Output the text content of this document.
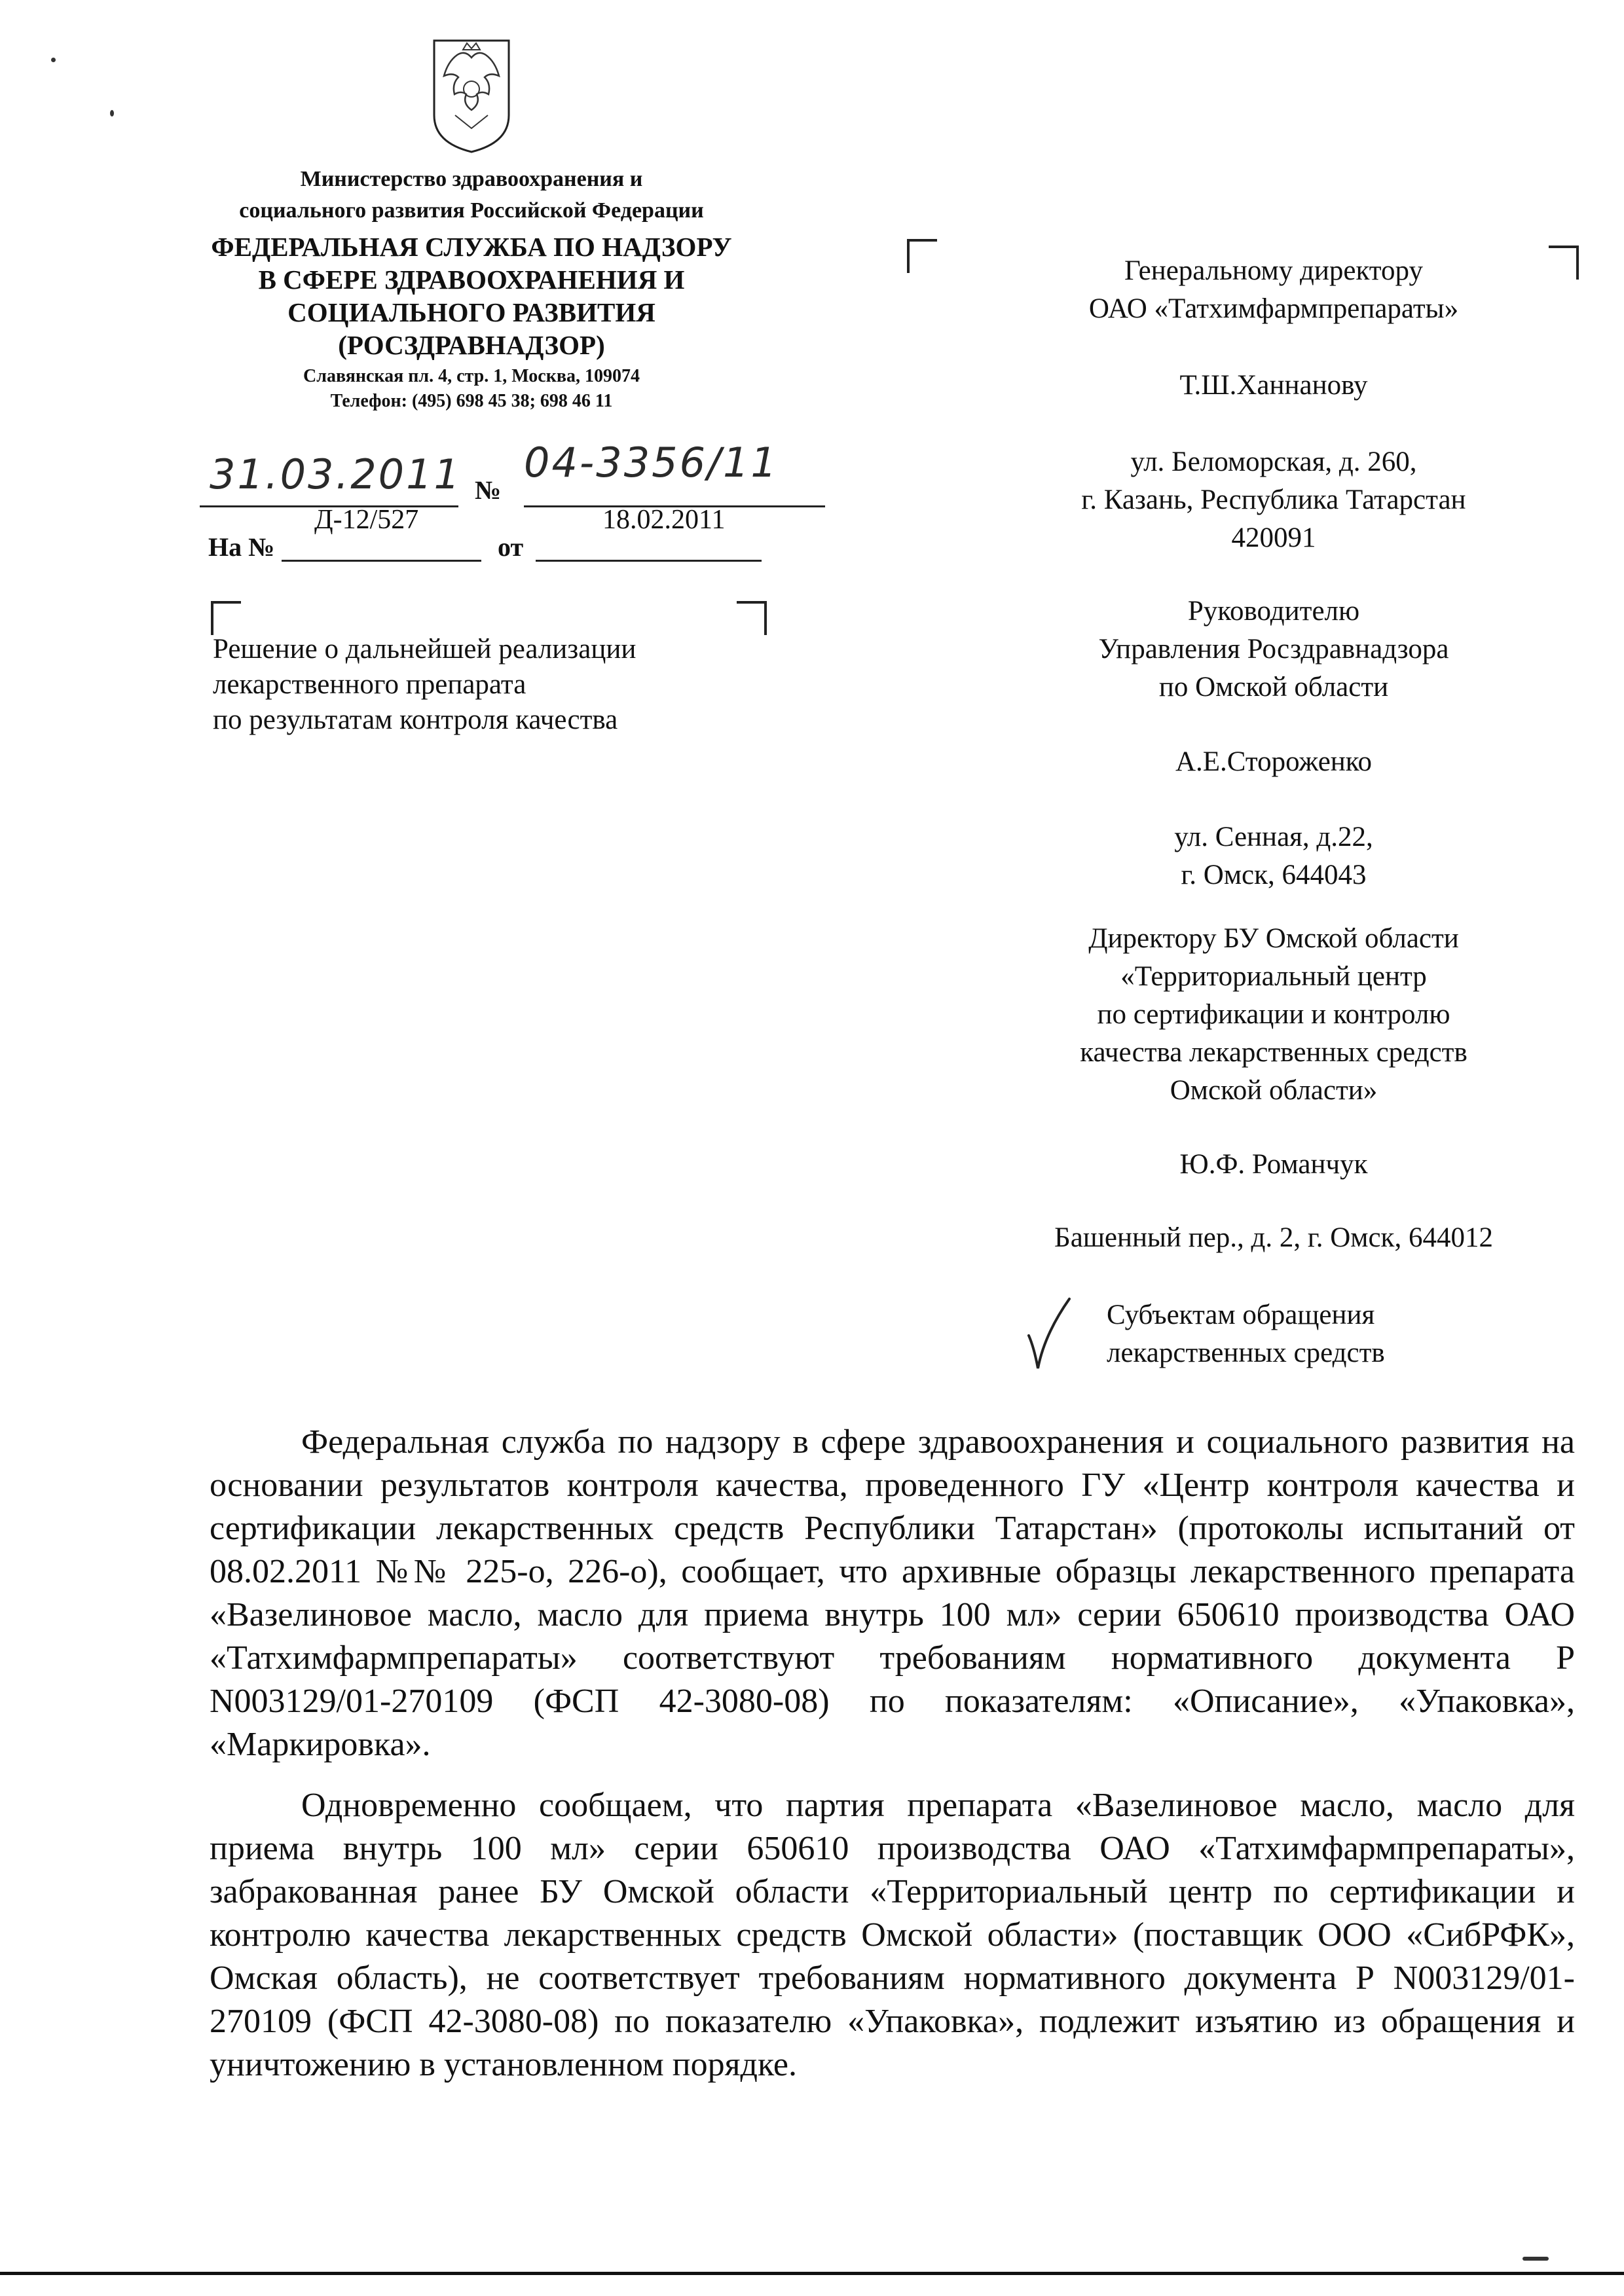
Министерство здравоохранения и
социального развития Российской Федерации
ФЕДЕРАЛЬНАЯ СЛУЖБА ПО НАДЗОРУ
В СФЕРЕ ЗДРАВООХРАНЕНИЯ И
СОЦИАЛЬНОГО РАЗВИТИЯ
(РОСЗДРАВНАДЗОР)
Славянская пл. 4, стр. 1, Москва, 109074
Телефон: (495) 698 45 38; 698 46 11
31.03.2011 №
04-3356/11
На №
Д-12/527
от
18.02.2011
Решение о дальнейшей реализации
лекарственного препарата
по результатам контроля качества
Генеральному директору
ОАО «Татхимфармпрепараты»
Т.Ш.Ханнанову
ул. Беломорская, д. 260,
г. Казань, Республика Татарстан
420091
Руководителю
Управления Росздравнадзора
по Омской области
А.Е.Стороженко
ул. Сенная, д.22,
г. Омск, 644043
Директору БУ Омской области
«Территориальный центр
по сертификации и контролю
качества лекарственных средств
Омской области»
Ю.Ф. Романчук
Башенный пер., д. 2, г. Омск, 644012
Субъектам обращения
лекарственных средств
Федеральная служба по надзору в сфере здравоохранения и социального развития на основании результатов контроля качества, проведенного ГУ «Центр контроля качества и сертификации лекарственных средств Республики Татарстан» (протоколы испытаний от 08.02.2011 №№ 225-о, 226-о), сообщает, что архивные образцы лекарственного препарата «Вазелиновое масло, масло для приема внутрь 100 мл» серии 650610 производства ОАО «Татхимфармпрепараты» соответствуют требованиям нормативного документа Р N003129/01-270109 (ФСП 42-3080-08) по показателям: «Описание», «Упаковка», «Маркировка».
Одновременно сообщаем, что партия препарата «Вазелиновое масло, масло для приема внутрь 100 мл» серии 650610 производства ОАО «Татхимфармпрепараты», забракованная ранее БУ Омской области «Территориальный центр по сертификации и контролю качества лекарственных средств Омской области» (поставщик ООО «СибРФК», Омская область), не соответствует требованиям нормативного документа Р N003129/01-270109 (ФСП 42-3080-08) по показателю «Упаковка», подлежит изъятию из обращения и уничтожению в установленном порядке.
